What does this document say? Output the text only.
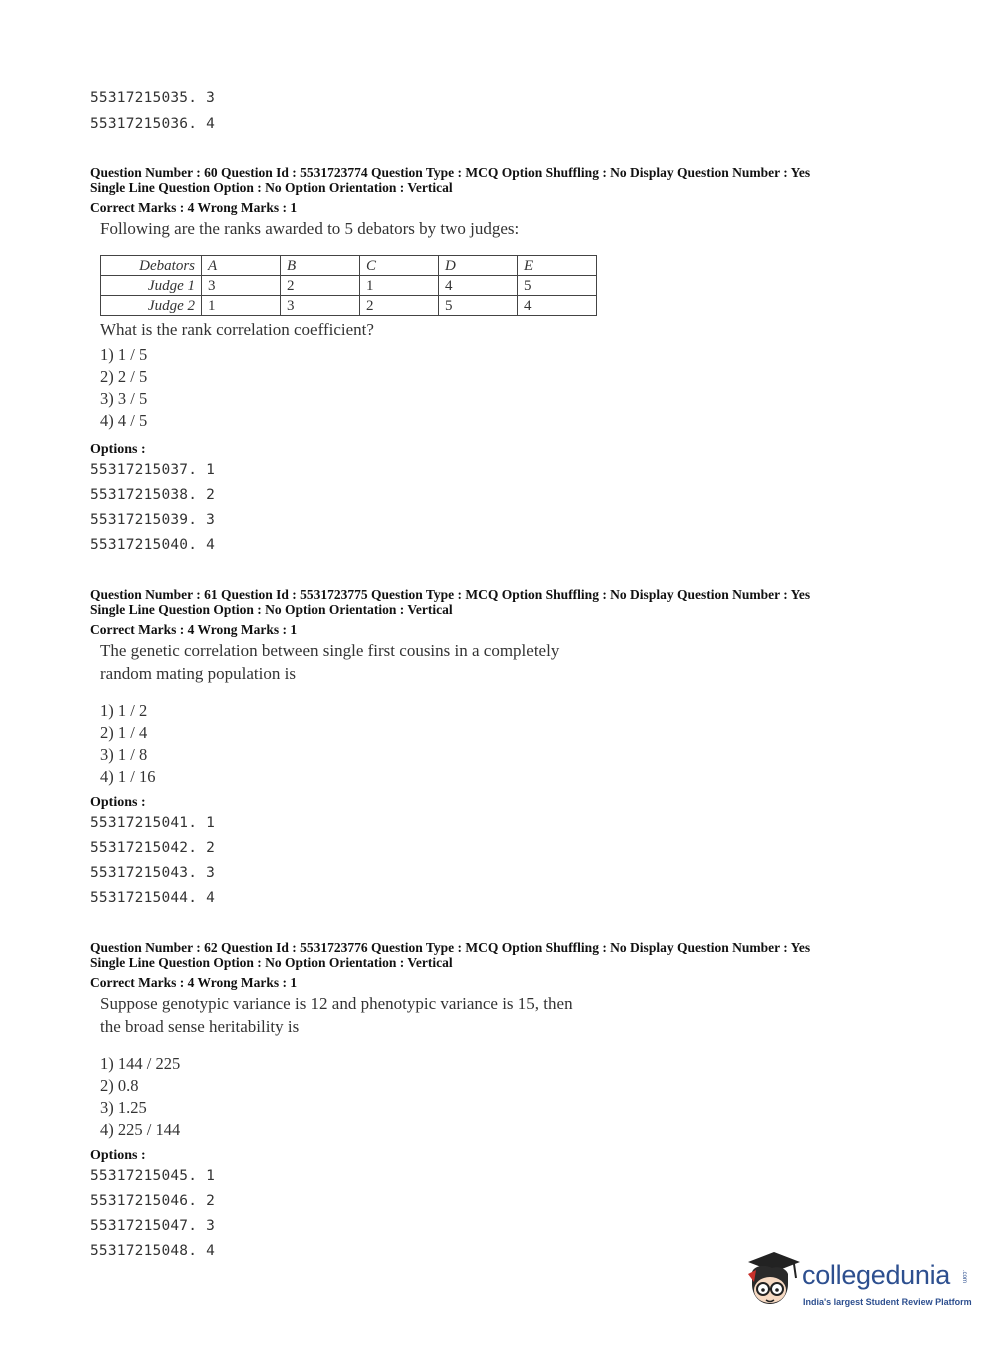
55317215035. 3
55317215036. 4
Question Number : 60 Question Id : 5531723774 Question Type : MCQ Option Shuffling : No Display Question Number : Yes
Single Line Question Option : No Option Orientation : Vertical
Correct Marks : 4 Wrong Marks : 1
Following are the ranks awarded to 5 debators by two judges:
Debators	A	B	C	D	E
Judge 1	3	2	1	4	5
Judge 2	1	3	2	5	4
What is the rank correlation coefficient?
1) 1 / 5
2) 2 / 5
3) 3 / 5
4) 4 / 5
Options :
55317215037. 1
55317215038. 2
55317215039. 3
55317215040. 4
Question Number : 61 Question Id : 5531723775 Question Type : MCQ Option Shuffling : No Display Question Number : Yes
Single Line Question Option : No Option Orientation : Vertical
Correct Marks : 4 Wrong Marks : 1
The genetic correlation between single first cousins in a completely
random mating population is
1) 1 / 2
2) 1 / 4
3) 1 / 8
4) 1 / 16
Options :
55317215041. 1
55317215042. 2
55317215043. 3
55317215044. 4
Question Number : 62 Question Id : 5531723776 Question Type : MCQ Option Shuffling : No Display Question Number : Yes
Single Line Question Option : No Option Orientation : Vertical
Correct Marks : 4 Wrong Marks : 1
Suppose genotypic variance is 12 and phenotypic variance is 15, then
the broad sense heritability is
1) 144 / 225
2) 0.8
3) 1.25
4) 225 / 144
Options :
55317215045. 1
55317215046. 2
55317215047. 3
55317215048. 4
collegedunia .com
India's largest Student Review Platform
